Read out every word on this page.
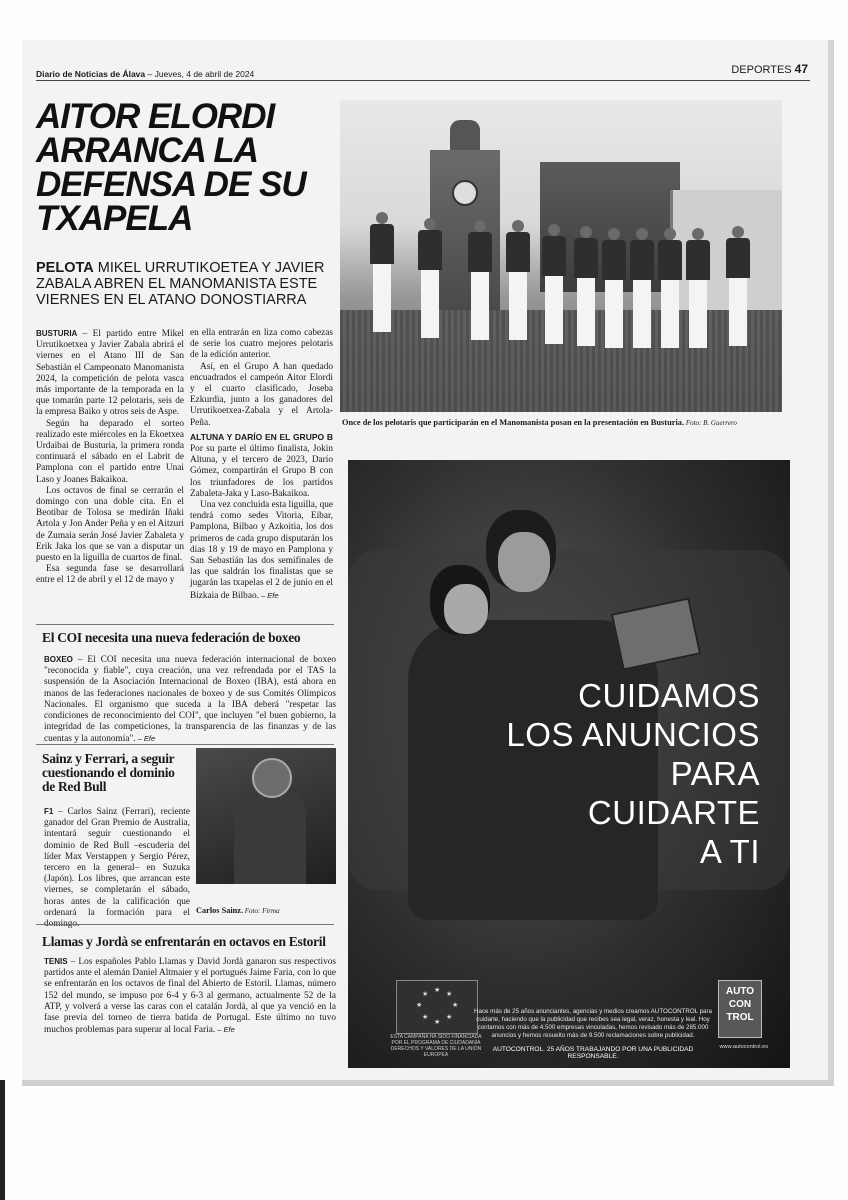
Diario de Noticias de Álava – Jueves, 4 de abril de 2024	DEPORTES 47
AITOR ELORDI ARRANCA LA DEFENSA DE SU TXAPELA
PELOTA MIKEL URRUTIKOETEA Y JAVIER ZABALA ABREN EL MANOMANISTA ESTE VIERNES EN EL ATANO DONOSTIARRA

BUSTURIA – El partido entre Mikel Urrutikoetxea y Javier Zabala abrirá el viernes en el Atano III de San Sebastián el Campeonato Manomanista 2024, la competición de pelota vasca más importante de la temporada en la que tomarán parte 12 pelotaris, seis de la empresa Baiko y otros seis de Aspe.

Según ha deparado el sorteo realizado este miércoles en la Ekoetxea Urdaibai de Busturia, la primera ronda continuará el sábado en el Labrit de Pamplona con el partido entre Unai Laso y Joanes Bakaikoa.

Los octavos de final se cerrarán el domingo con una doble cita. En el Beotibar de Tolosa se medirán Iñaki Artola y Jon Ander Peña y en el Aitzuri de Zumaia serán José Javier Zabaleta y Erik Jaka los que se van a disputar un puesto en la liguilla de cuartos de final.

Esa segunda fase se desarrollará entre el 12 de abril y el 12 de mayo y

en ella entrarán en liza como cabezas de serie los cuatro mejores pelotaris de la edición anterior.

Así, en el Grupo A han quedado encuadrados el campeón Aitor Elordi y el cuarto clasificado, Joseba Ezkurdia, junto a los ganadores del Urrutikoetxea-Zabala y el Artola-Peña.

ALTUNA Y DARÍO EN EL GRUPO B Por su parte el último finalista, Jokin Altuna, y el tercero de 2023, Darío Gómez, compartirán el Grupo B con los triunfadores de los partidos Zabaleta-Jaka y Laso-Bakaikoa.

Una vez concluida esta liguilla, que tendrá como sedes Vitoria, Eibar, Pamplona, Bilbao y Azkoitia, los dos primeros de cada grupo disputarán los días 18 y 19 de mayo en Pamplona y San Sebastián las dos semifinales de las que saldrán los finalistas que se jugarán las txapelas el 2 de junio en el Bizkaia de Bilbao. – Efe

Once de los pelotaris que participarán en el Manomanista posan en la presentación en Busturia. Foto: B. Guerrero
El COI necesita una nueva federación de boxeo

BOXEO – El COI necesita una nueva federación internacional de boxeo "reconocida y fiable", cuya creación, una vez refrendada por el TAS la suspensión de la Asociación Internacional de Boxeo (IBA), está ahora en manos de las federaciones nacionales de boxeo y de sus Comités Olímpicos Nacionales. El organismo que suceda a la IBA deberá "respetar las condiciones de reconocimiento del COI", que incluyen "el buen gobierno, la integridad de las competiciones, la transparencia de las finanzas y de las cuentas y la autonomía". – Efe

Sainz y Ferrari, a seguir cuestionando el dominio de Red Bull

F1 – Carlos Sainz (Ferrari), reciente ganador del Gran Premio de Australia, intentará seguir cuestionando el dominio de Red Bull –escudería del líder Max Verstappen y Sergio Pérez, tercero en la general– en Suzuka (Japón). Los libres, que arrancan este viernes, se completarán el sábado, horas antes de la calificación que ordenará la formación para el domingo.

Carlos Sainz. Foto: Firma
Llamas y Jordà se enfrentarán en octavos en Estoril

TENIS – Los españoles Pablo Llamas y David Jordà ganaron sus respectivos partidos ante el alemán Daniel Altmaier y el portugués Jaime Faria, con lo que se enfrentarán en los octavos de final del Abierto de Estoril. Llamas, número 152 del mundo, se impuso por 6-4 y 6-3 al germano, actualmente 52 de la ATP, y volverá a verse las caras con el catalán Jordà, al que ya venció en la fase previa del torneo de tierra batida de Portugal. Este último no tuvo muchos problemas para superar al local Faria. – Efe

CUIDAMOS
LOS ANUNCIOS
PARA
CUIDARTE
A TI
★
★
★
★
★
★
★
★
ESTA CAMPAÑA HA SIDO FINANCIADA POR EL PROGRAMA DE CIUDADANÍA DERECHOS Y VALORES DE LA UNIÓN EUROPEA
Hace más de 25 años anunciantes, agencias y medios creamos AUTOCONTROL para cuidarte, haciendo que la publicidad que recibes sea legal, veraz, honesta y leal. Hoy contamos con más de 4.500 empresas vinculadas, hemos revisado más de 285.000 anuncios y hemos resuelto más de 9.500 reclamaciones sobre publicidad.
AUTOCONTROL. 25 AÑOS TRABAJANDO POR UNA PUBLICIDAD RESPONSABLE.
AUTO
CON
TROL
www.autocontrol.es
